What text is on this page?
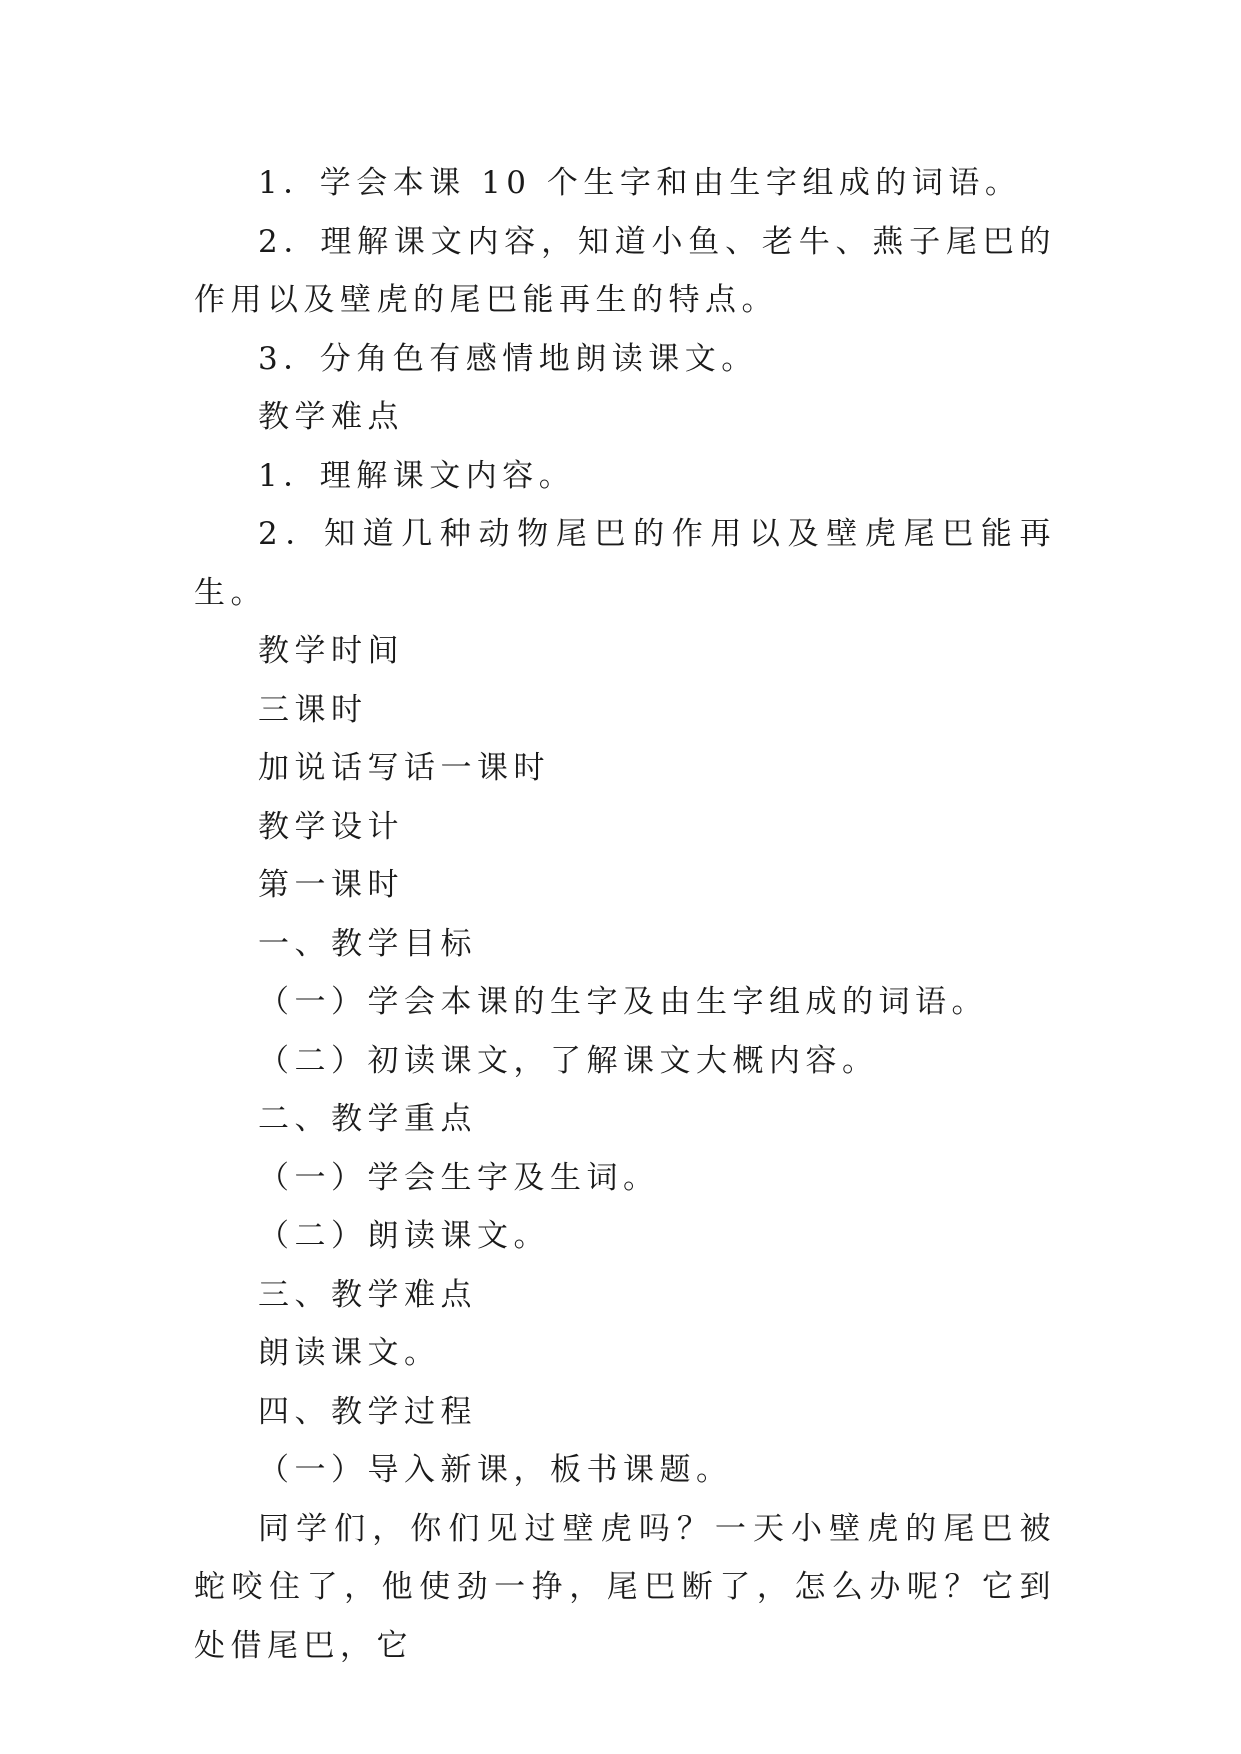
1．学会本课 10 个生字和由生字组成的词语。

2．理解课文内容，知道小鱼、老牛、燕子尾巴的作用以及壁虎的尾巴能再生的特点。

3．分角色有感情地朗读课文。

教学难点

1．理解课文内容。

2．知道几种动物尾巴的作用以及壁虎尾巴能再生。

教学时间

三课时

加说话写话一课时

教学设计

第一课时

一、教学目标

（一）学会本课的生字及由生字组成的词语。

（二）初读课文，了解课文大概内容。

二、教学重点

（一）学会生字及生词。

（二）朗读课文。

三、教学难点

朗读课文。

四、教学过程

（一）导入新课，板书课题。

同学们，你们见过壁虎吗？一天小壁虎的尾巴被蛇咬住了，他使劲一挣，尾巴断了，怎么办呢？它到处借尾巴，它
